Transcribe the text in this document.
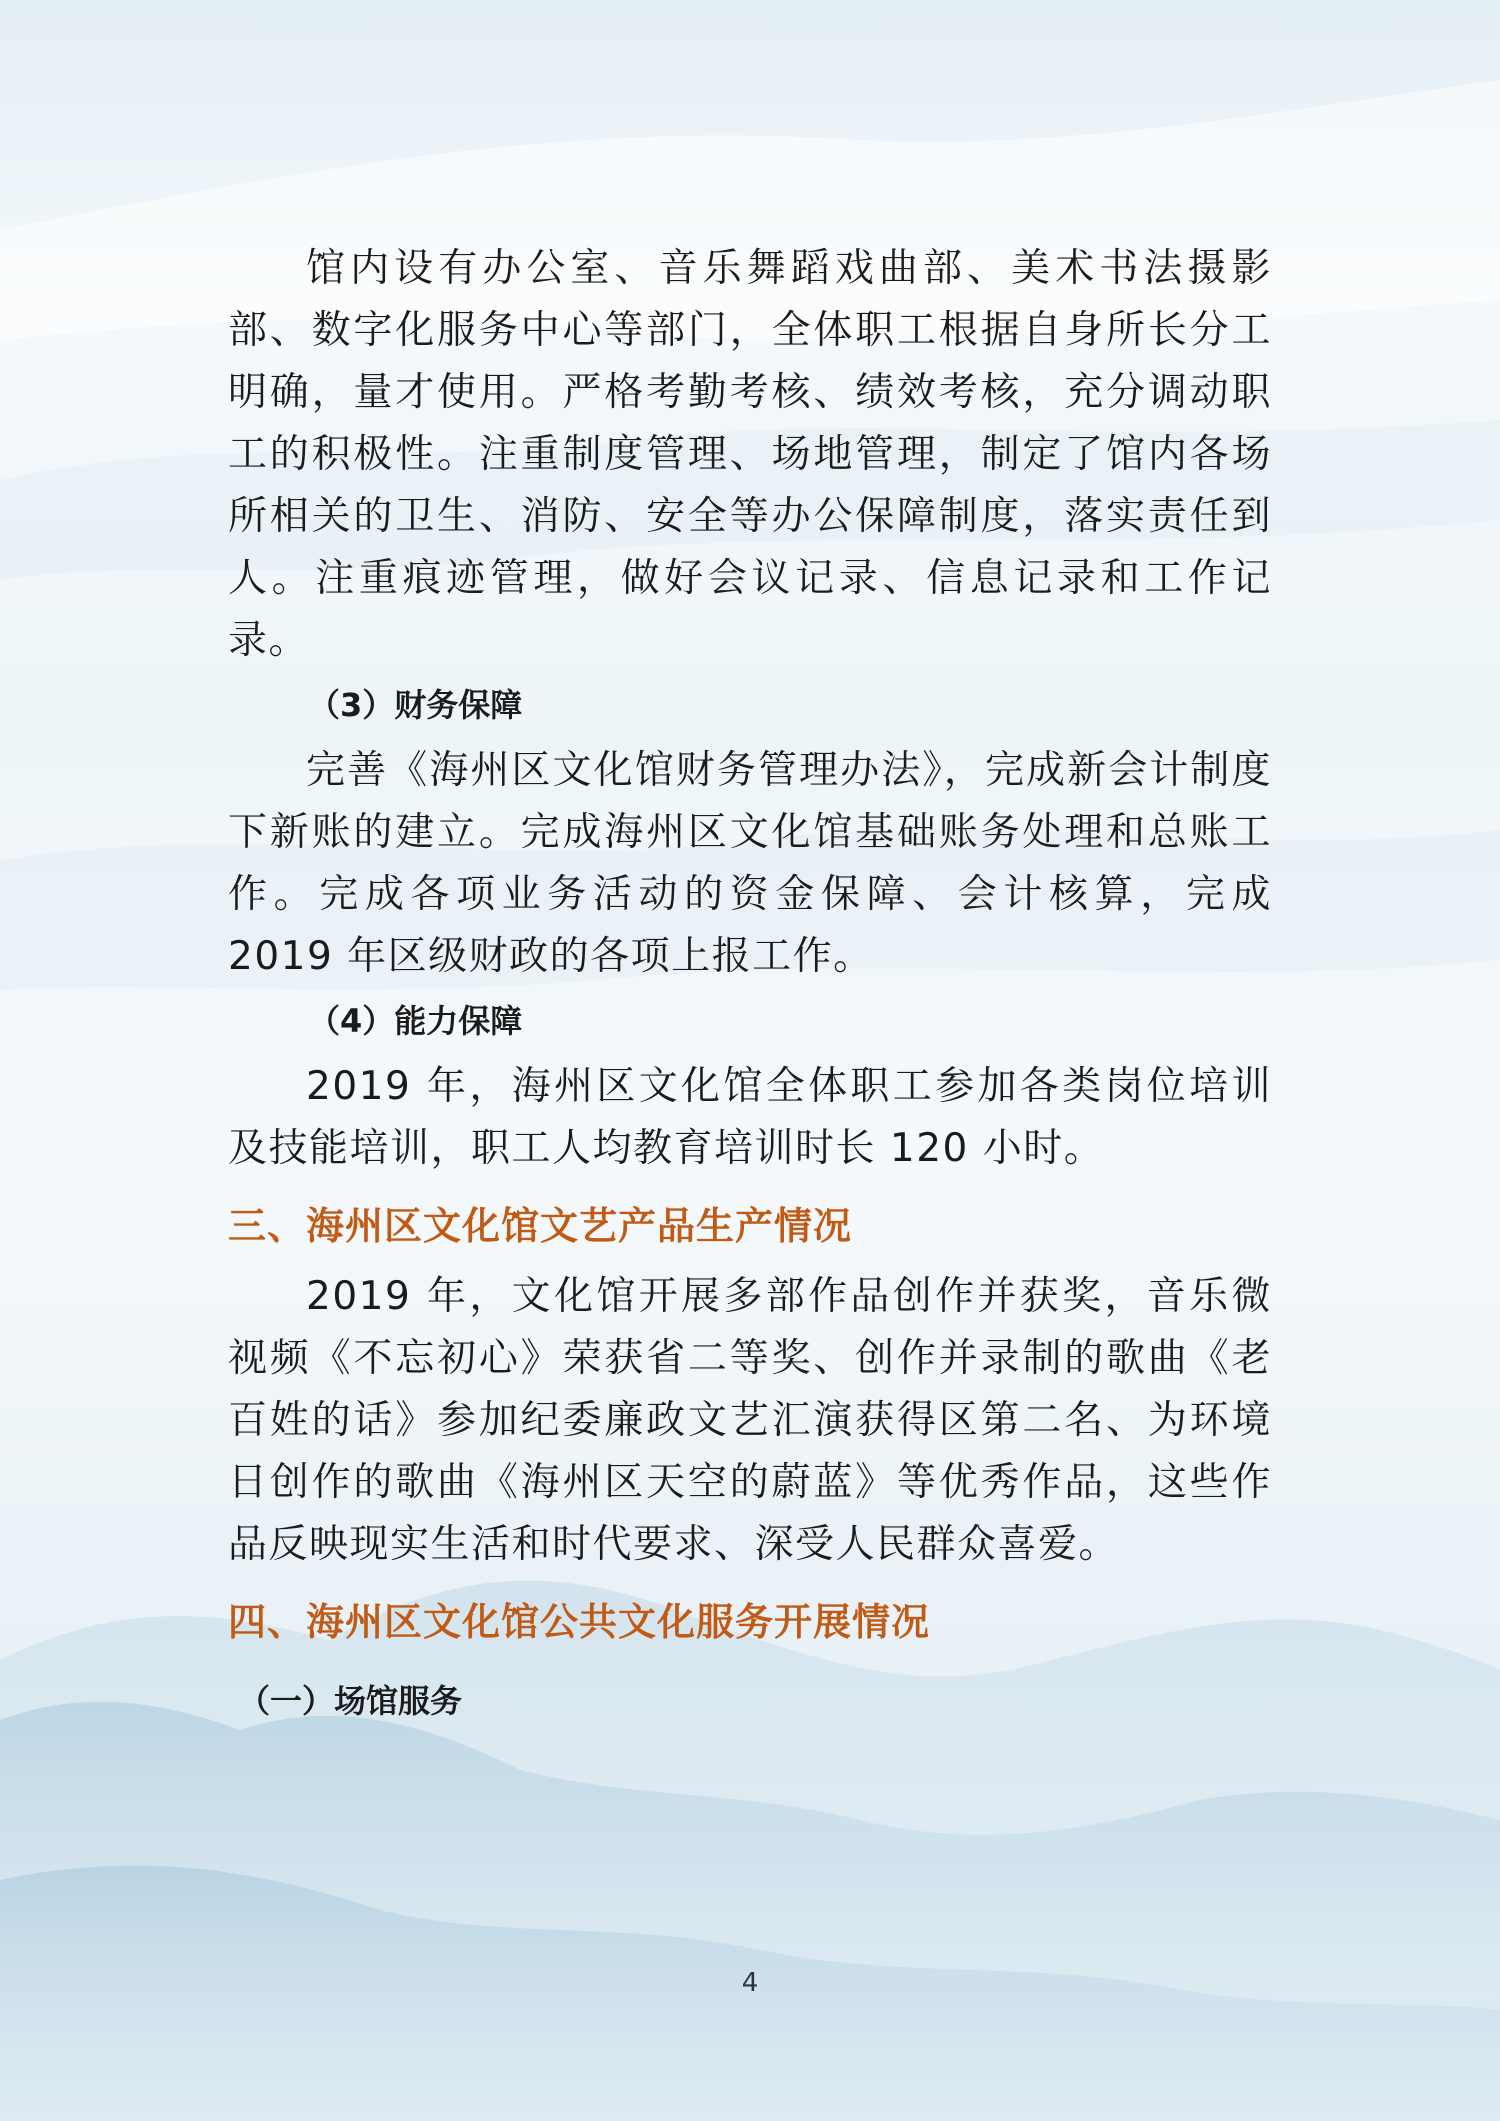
馆内设有办公室、音乐舞蹈戏曲部、美术书法摄影部、数字化服务中心等部门，全体职工根据自身所长分工明确，量才使用。严格考勤考核、绩效考核，充分调动职工的积极性。注重制度管理、场地管理，制定了馆内各场所相关的卫生、消防、安全等办公保障制度，落实责任到人。注重痕迹管理，做好会议记录、信息记录和工作记录。

（3）财务保障

完善《海州区文化馆财务管理办法》，完成新会计制度下新账的建立。完成海州区文化馆基础账务处理和总账工作。完成各项业务活动的资金保障、会计核算，完成 2019 年区级财政的各项上报工作。

（4）能力保障

2019 年，海州区文化馆全体职工参加各类岗位培训及技能培训，职工人均教育培训时长 120 小时。

三、海州区文化馆文艺产品生产情况

2019 年，文化馆开展多部作品创作并获奖，音乐微视频《不忘初心》荣获省二等奖、创作并录制的歌曲《老百姓的话》参加纪委廉政文艺汇演获得区第二名、为环境日创作的歌曲《海州区天空的蔚蓝》等优秀作品，这些作品反映现实生活和时代要求、深受人民群众喜爱。

四、海州区文化馆公共文化服务开展情况
（一）场馆服务
4
